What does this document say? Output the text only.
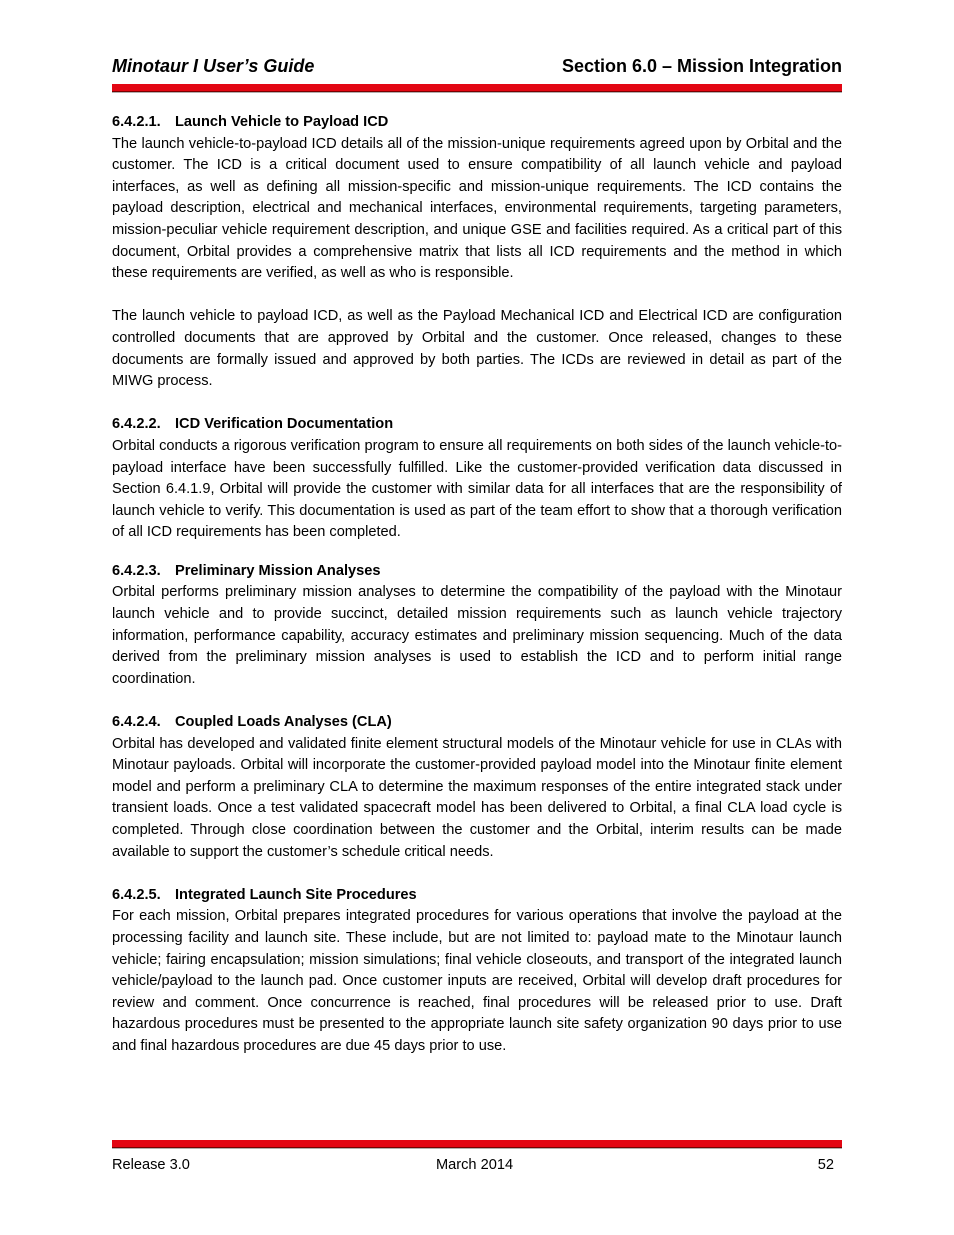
Minotaur I User’s Guide	Section 6.0 – Mission Integration
6.4.2.1. Launch Vehicle to Payload ICD

The launch vehicle-to-payload ICD details all of the mission-unique requirements agreed upon by Orbital and the customer. The ICD is a critical document used to ensure compatibility of all launch vehicle and payload interfaces, as well as defining all mission-specific and mission-unique requirements. The ICD contains the payload description, electrical and mechanical interfaces, environmental requirements, targeting parameters, mission-peculiar vehicle requirement description, and unique GSE and facilities required. As a critical part of this document, Orbital provides a comprehensive matrix that lists all ICD requirements and the method in which these requirements are verified, as well as who is responsible.

The launch vehicle to payload ICD, as well as the Payload Mechanical ICD and Electrical ICD are configuration controlled documents that are approved by Orbital and the customer. Once released, changes to these documents are formally issued and approved by both parties. The ICDs are reviewed in detail as part of the MIWG process.

6.4.2.2. ICD Verification Documentation

Orbital conducts a rigorous verification program to ensure all requirements on both sides of the launch vehicle-to-payload interface have been successfully fulfilled. Like the customer-provided verification data discussed in Section 6.4.1.9, Orbital will provide the customer with similar data for all interfaces that are the responsibility of launch vehicle to verify. This documentation is used as part of the team effort to show that a thorough verification of all ICD requirements has been completed.

6.4.2.3. Preliminary Mission Analyses

Orbital performs preliminary mission analyses to determine the compatibility of the payload with the Minotaur launch vehicle and to provide succinct, detailed mission requirements such as launch vehicle trajectory information, performance capability, accuracy estimates and preliminary mission sequencing. Much of the data derived from the preliminary mission analyses is used to establish the ICD and to perform initial range coordination.

6.4.2.4. Coupled Loads Analyses (CLA)

Orbital has developed and validated finite element structural models of the Minotaur vehicle for use in CLAs with Minotaur payloads. Orbital will incorporate the customer-provided payload model into the Minotaur finite element model and perform a preliminary CLA to determine the maximum responses of the entire integrated stack under transient loads. Once a test validated spacecraft model has been delivered to Orbital, a final CLA load cycle is completed. Through close coordination between the customer and the Orbital, interim results can be made available to support the customer’s schedule critical needs.

6.4.2.5. Integrated Launch Site Procedures

For each mission, Orbital prepares integrated procedures for various operations that involve the payload at the processing facility and launch site. These include, but are not limited to: payload mate to the Minotaur launch vehicle; fairing encapsulation; mission simulations; final vehicle closeouts, and transport of the integrated launch vehicle/payload to the launch pad. Once customer inputs are received, Orbital will develop draft procedures for review and comment. Once concurrence is reached, final procedures will be released prior to use. Draft hazardous procedures must be presented to the appropriate launch site safety organization 90 days prior to use and final hazardous procedures are due 45 days prior to use.

Release 3.0	March 2014	52
